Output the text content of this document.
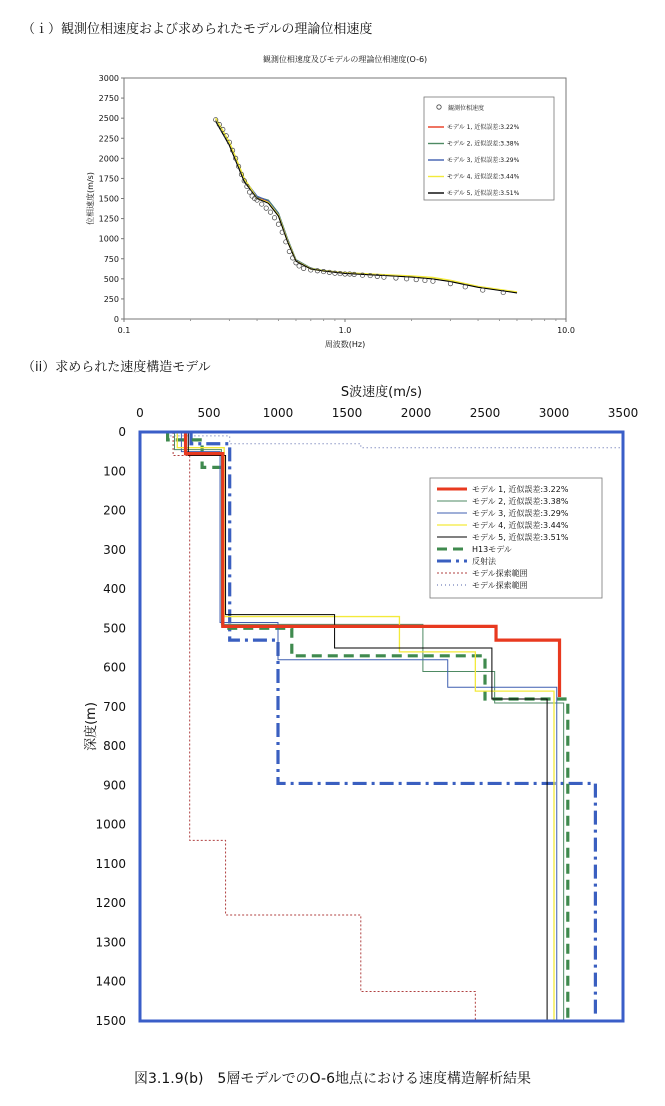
（ｉ）観測位相速度および求められたモデルの理論位相速度
観測位相速度及びモデルの理論位相速度(O-6)
0
250
500
750
1000
1250
1500
1750
2000
2250
2500
2750
3000
0.1	1.0	10.0
周波数(Hz)
位相速度(m/s)
観測位相速度
モデル 1, 近似誤差:3.22%
モデル 2, 近似誤差:3.38%
モデル 3, 近似誤差:3.29%
モデル 4, 近似誤差:3.44%
モデル 5, 近似誤差:3.51%
（ii）求められた速度構造モデル
S波速度(m/s)
0	500	1000	1500	2000	2500	3000	3500
0
100
200
300
400
500
600
700
800
900
1000
1100
1200
1300
1400
1500
深度(m)
モデル 1, 近似誤差:3.22%
モデル 2, 近似誤差:3.38%
モデル 3, 近似誤差:3.29%
モデル 4, 近似誤差:3.44%
モデル 5, 近似誤差:3.51%
H13モデル
反射法
モデル探索範囲
モデル探索範囲
図3.1.9(b)　5層モデルでのO-6地点における速度構造解析結果
